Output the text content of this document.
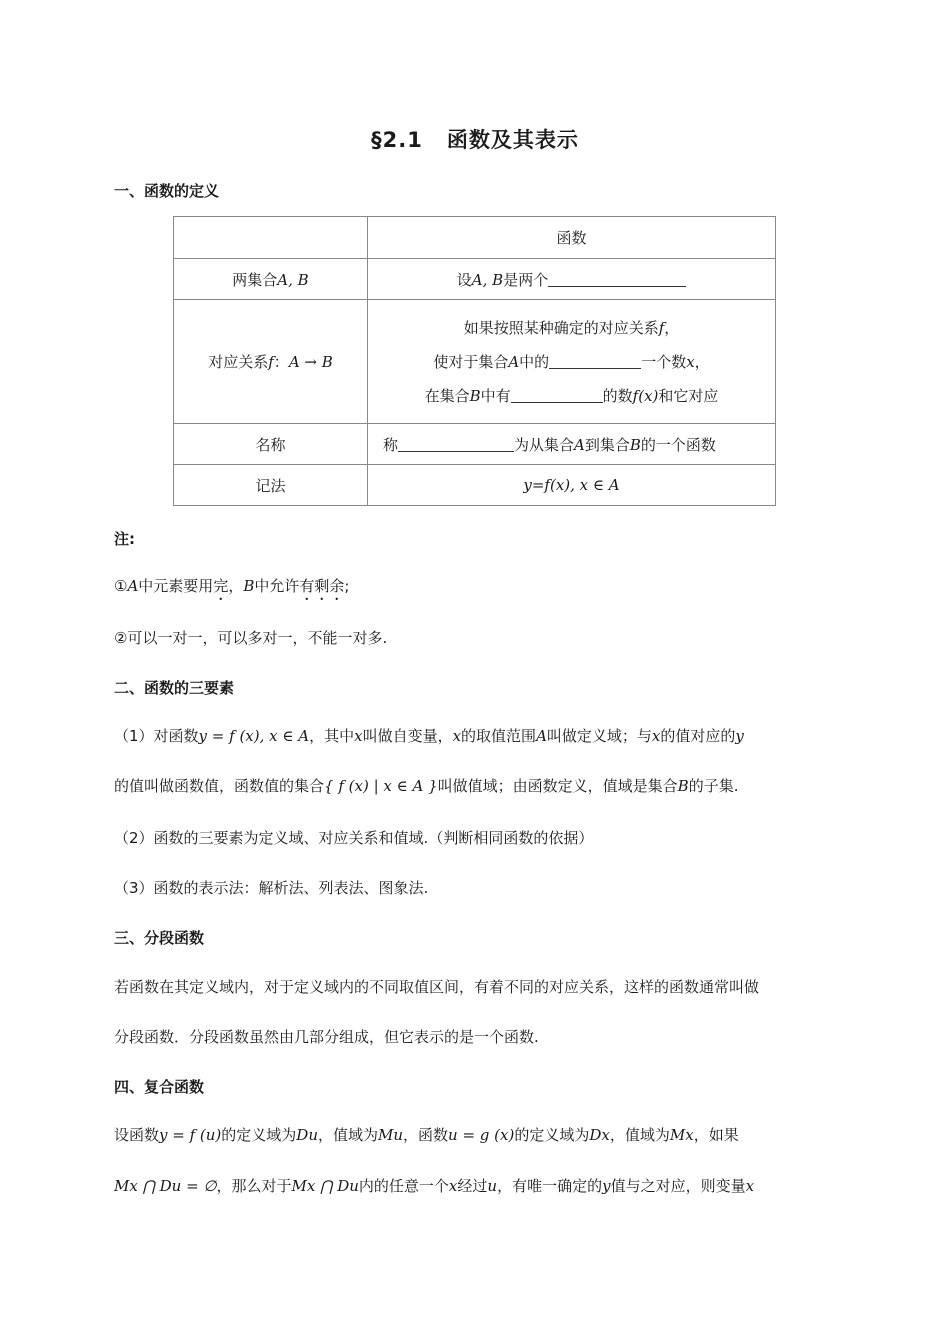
§2.1 函数及其表示
一、函数的定义
	函数
两集合A, B	设A, B是两个
对应关系f：A → B	如果按照某种确定的对应关系f，
使对于集合A中的 一个数x，
在集合B中有 的数f(x)和它对应

名称	称 为从集合A到集合B的一个函数
记法	y=f(x), x ∈ A
注:
①A中元素要用完，B中允许有剩余;
②可以一对一，可以多对一，不能一对多.
二、函数的三要素
（1）对函数y = f (x), x ∈ A，其中x叫做自变量，x的取值范围A叫做定义域；与x的值对应的y
的值叫做函数值，函数值的集合{ f (x) | x ∈ A }叫做值域；由函数定义，值域是集合B的子集.
（2）函数的三要素为定义域、对应关系和值域.（判断相同函数的依据）
（3）函数的表示法：解析法、列表法、图象法.
三、分段函数
若函数在其定义域内，对于定义域内的不同取值区间，有着不同的对应关系，这样的函数通常叫做
分段函数．分段函数虽然由几部分组成，但它表示的是一个函数.
四、复合函数
设函数y = f (u)的定义域为Du，值域为Mu，函数u = g (x)的定义域为Dx，值域为Mx，如果
Mx ⋂ Du = ∅，那么对于Mx ⋂ Du内的任意一个x经过u，有唯一确定的y值与之对应，则变量x
